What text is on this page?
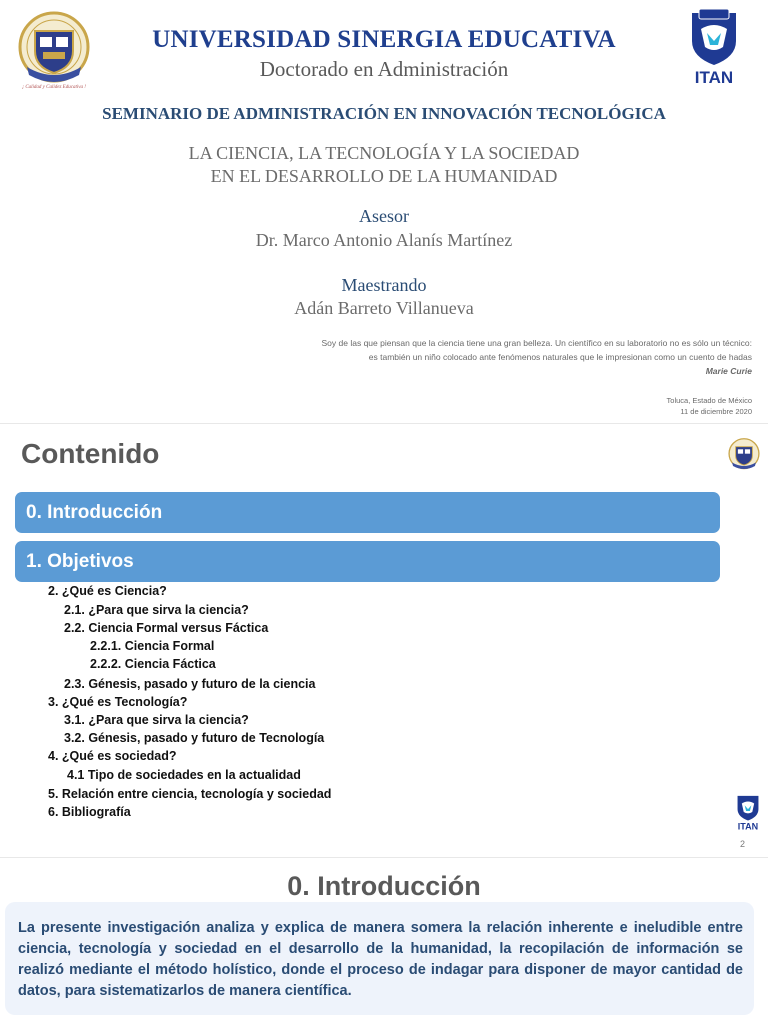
¡ Calidad y Calidez Educativa !
UNIVERSIDAD SINERGIA EDUCATIVA
Doctorado en Administración	ITAN
SEMINARIO DE ADMINISTRACIÓN EN INNOVACIÓN TECNOLÓGICA
LA CIENCIA, LA TECNOLOGÍA Y LA SOCIEDAD
EN EL DESARROLLO DE LA HUMANIDAD
Asesor
Dr. Marco Antonio Alanís Martínez
Maestrando
Adán Barreto Villanueva
Soy de las que piensan que la ciencia tiene una gran belleza. Un científico en su laboratorio no es sólo un técnico:
es también un niño colocado ante fenómenos naturales que le impresionan como un cuento de hadas
Marie Curie
Toluca, Estado de México
11 de diciembre 2020
Contenido
0. Introducción
1. Objetivos
2. ¿Qué es Ciencia?
2.1. ¿Para que sirva la ciencia?
2.2. Ciencia Formal versus Fáctica
2.2.1. Ciencia Formal
2.2.2. Ciencia Fáctica
2.3. Génesis, pasado y futuro de la ciencia
3. ¿Qué es Tecnología?
3.1. ¿Para que sirva la ciencia?
3.2. Génesis, pasado y futuro de Tecnología
4. ¿Qué es sociedad?
4.1 Tipo de sociedades en la actualidad
5. Relación entre ciencia, tecnología y sociedad
6. Bibliografía
ITAN
2
0. Introducción
La presente investigación analiza y explica de manera somera la relación inherente e ineludible entre ciencia, tecnología y sociedad en el desarrollo de la humanidad, la recopilación de información se realizó mediante el método holístico, donde el proceso de indagar para disponer de mayor cantidad de datos, para sistematizarlos de manera científica.
